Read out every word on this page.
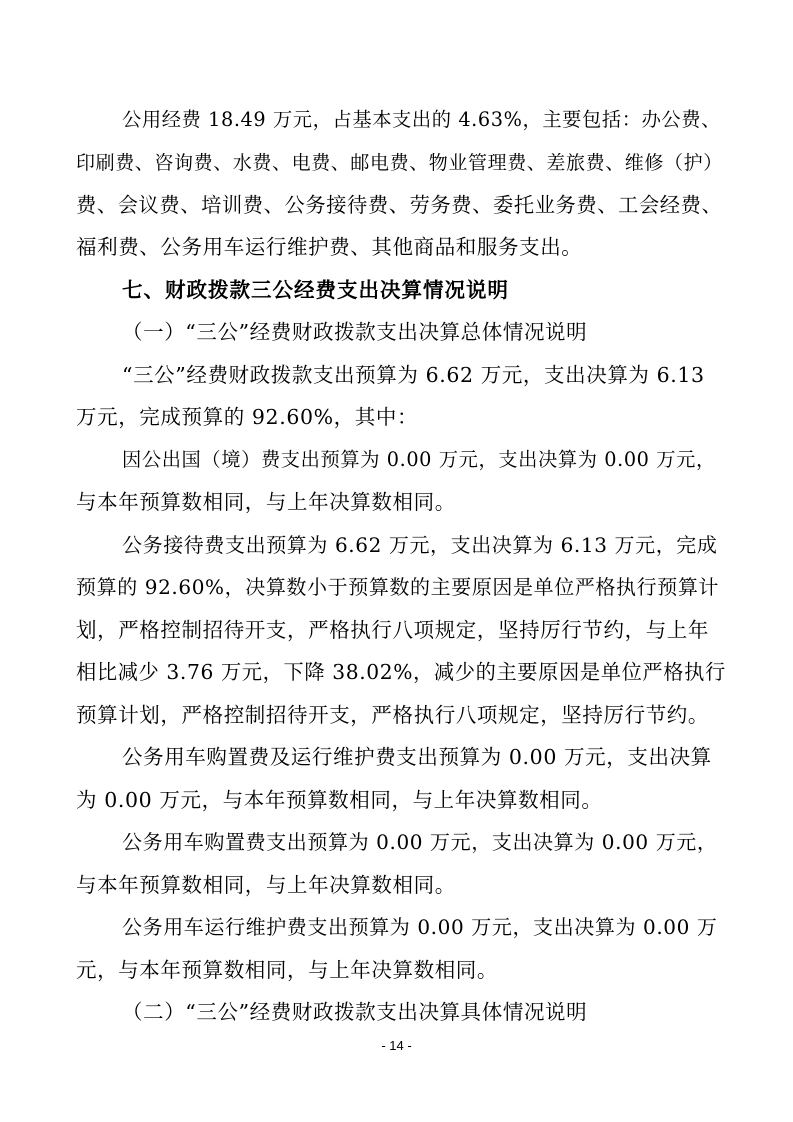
公用经费 18.49 万元，占基本支出的 4.63%，主要包括：办公费、
印刷费、咨询费、水费、电费、邮电费、物业管理费、差旅费、维修（护）
费、会议费、培训费、公务接待费、劳务费、委托业务费、工会经费、
福利费、公务用车运行维护费、其他商品和服务支出。
七、财政拨款三公经费支出决算情况说明
（一）“三公”经费财政拨款支出决算总体情况说明
“三公”经费财政拨款支出预算为 6.62 万元，支出决算为 6.13
万元，完成预算的 92.60%，其中：
因公出国（境）费支出预算为 0.00 万元，支出决算为 0.00 万元，
与本年预算数相同，与上年决算数相同。
公务接待费支出预算为 6.62 万元，支出决算为 6.13 万元，完成
预算的 92.60%，决算数小于预算数的主要原因是单位严格执行预算计
划，严格控制招待开支，严格执行八项规定，坚持厉行节约，与上年
相比减少 3.76 万元，下降 38.02%，减少的主要原因是单位严格执行
预算计划，严格控制招待开支，严格执行八项规定，坚持厉行节约。
公务用车购置费及运行维护费支出预算为 0.00 万元，支出决算
为 0.00 万元，与本年预算数相同，与上年决算数相同。
公务用车购置费支出预算为 0.00 万元，支出决算为 0.00 万元，
与本年预算数相同，与上年决算数相同。
公务用车运行维护费支出预算为 0.00 万元，支出决算为 0.00 万
元，与本年预算数相同，与上年决算数相同。
（二）“三公”经费财政拨款支出决算具体情况说明
- 14 -
